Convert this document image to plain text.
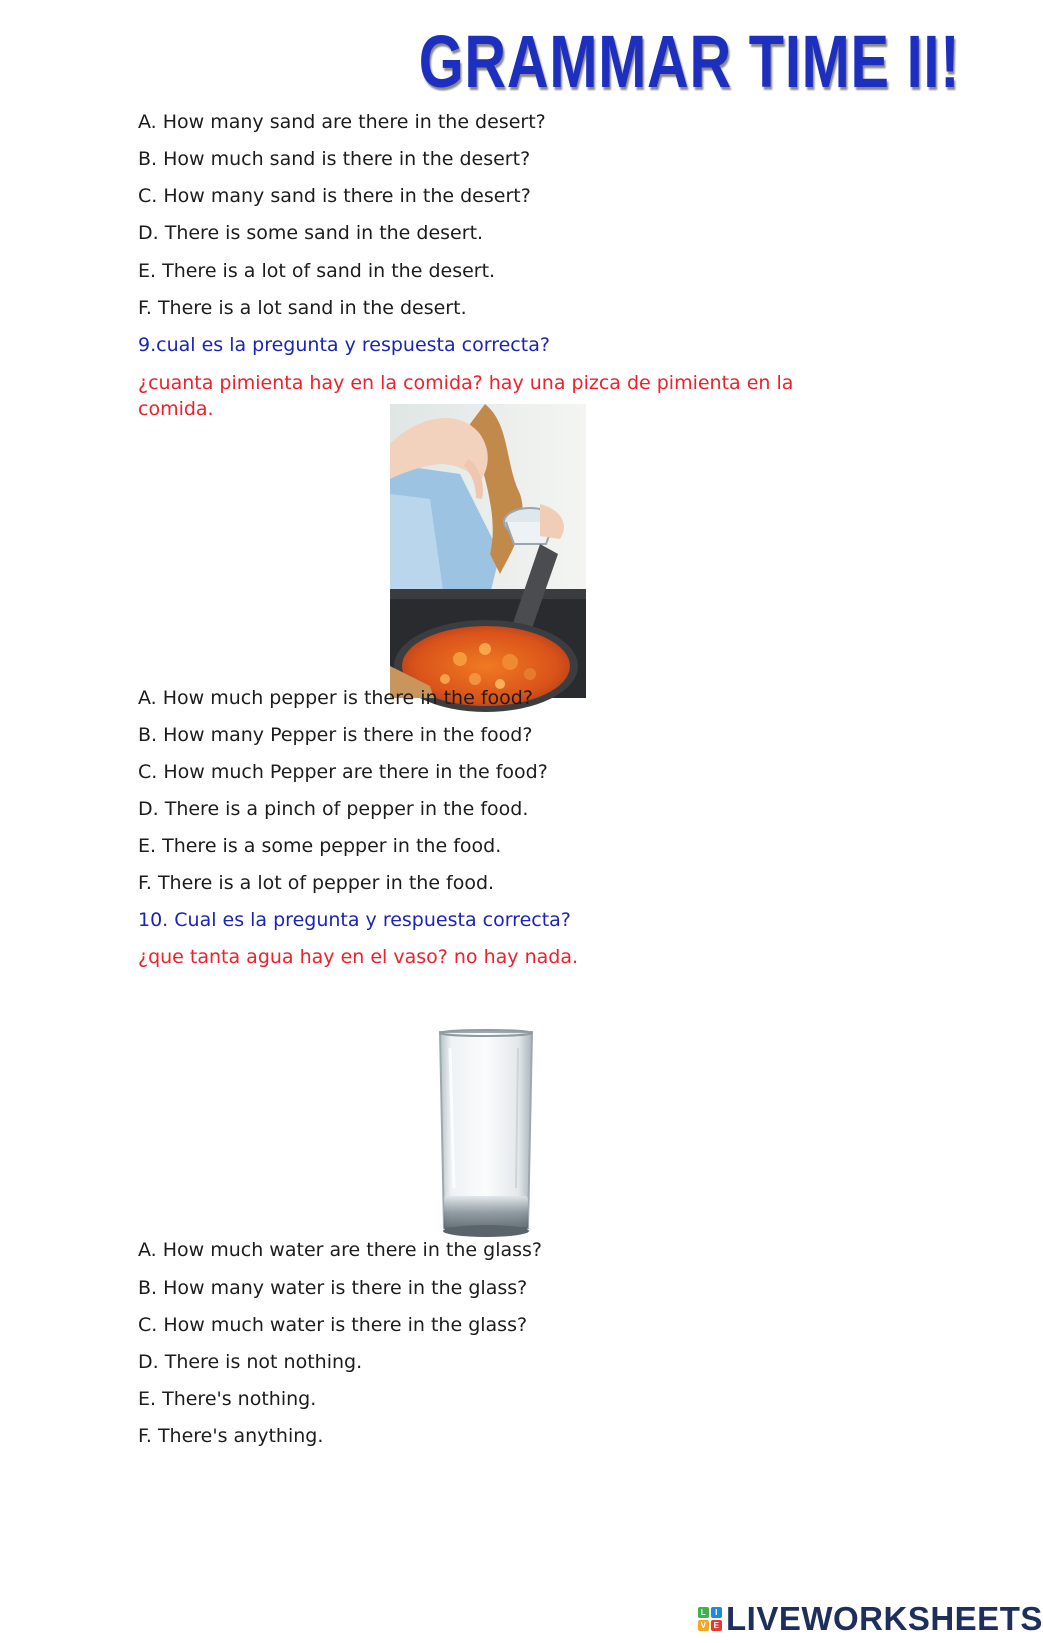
GRAMMAR TIME II!

A. How many sand are there in the desert?

B. How much sand is there in the desert?

C. How many sand is there in the desert?

D. There is some sand in the desert.

E. There is a lot of sand in the desert.

F. There is a lot sand in the desert.

9.cual es la pregunta y respuesta correcta?

¿cuanta pimienta hay en la comida? hay una pizca de pimienta en la comida.

A. How much pepper is there in the food?

B. How many Pepper is there in the food?

C. How much Pepper are there in the food?

D. There is a pinch of pepper in the food.

E. There is a some pepper in the food.

F. There is a lot of pepper in the food.

10. Cual es la pregunta y respuesta correcta?

¿que tanta agua hay en el vaso? no hay nada.

A. How much water are there in the glass?

B. How many water is there in the glass?

C. How much water is there in the glass?

D. There is not nothing.

E. There's nothing.

F. There's anything.

L	I
V E LIVEWORKSHEETS
